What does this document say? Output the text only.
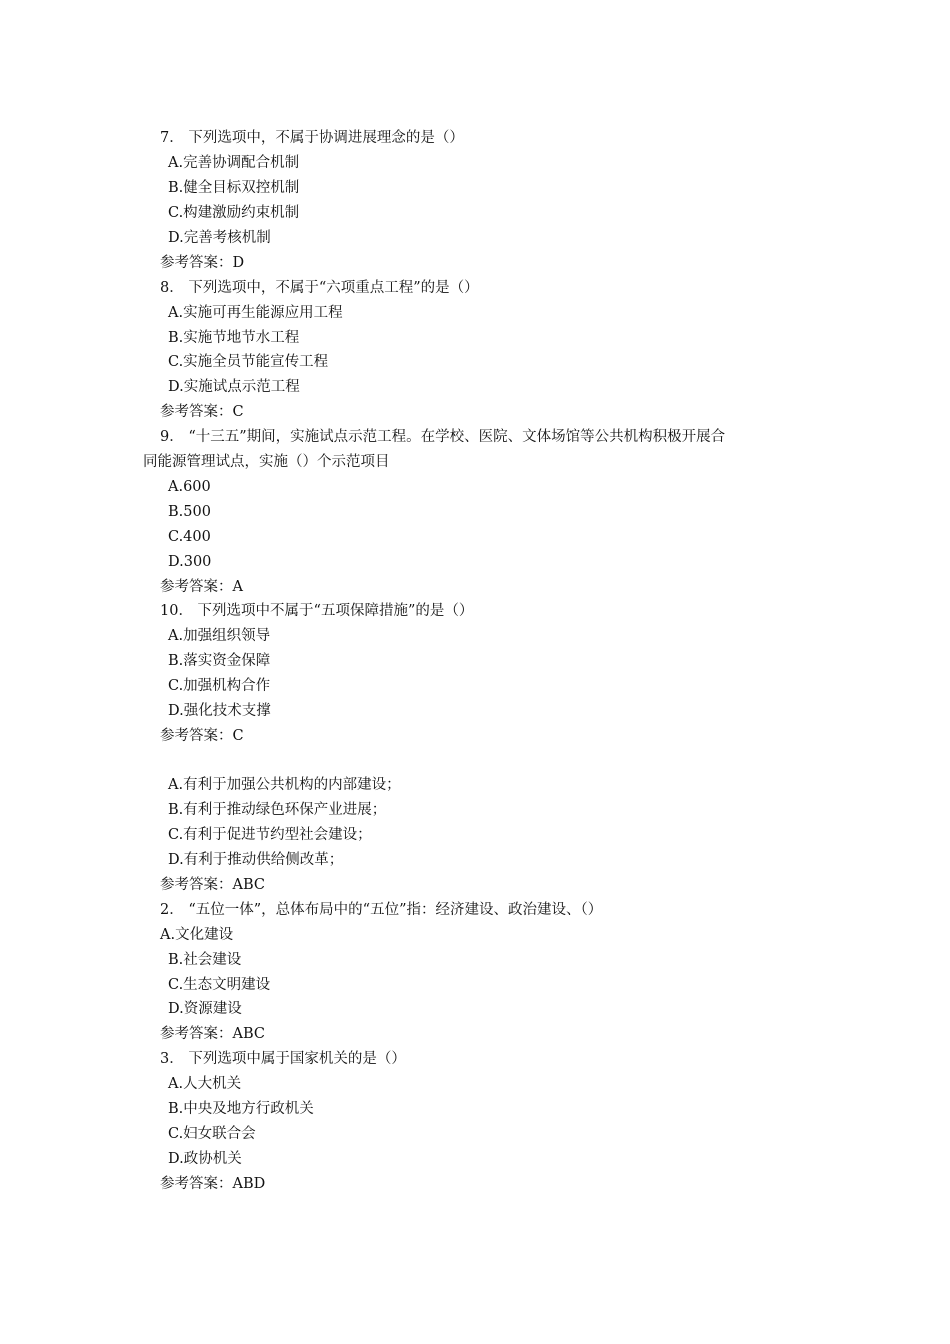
7． 下列选项中，不属于协调进展理念的是（）
A.完善协调配合机制
B.健全目标双控机制
C.构建激励约束机制
D.完善考核机制
参考答案：D
8． 下列选项中，不属于“六项重点工程”的是（）
A.实施可再生能源应用工程
B.实施节地节水工程
C.实施全员节能宣传工程
D.实施试点示范工程
参考答案：C
9． “十三五”期间，实施试点示范工程。在学校、医院、文体场馆等公共机构积极开展合
同能源管理试点，实施（）个示范项目
A.600
B.500
C.400
D.300
参考答案：A
10． 下列选项中不属于“五项保障措施”的是（）
A.加强组织领导
B.落实资金保障
C.加强机构合作
D.强化技术支撑
参考答案：C
A.有利于加强公共机构的内部建设；
B.有利于推动绿色环保产业进展；
C.有利于促进节约型社会建设；
D.有利于推动供给侧改革；
参考答案：ABC
2． “五位一体”，总体布局中的“五位”指：经济建设、政治建设、（）
A.文化建设
B.社会建设
C.生态文明建设
D.资源建设
参考答案：ABC
3． 下列选项中属于国家机关的是（）
A.人大机关
B.中央及地方行政机关
C.妇女联合会
D.政协机关
参考答案：ABD
